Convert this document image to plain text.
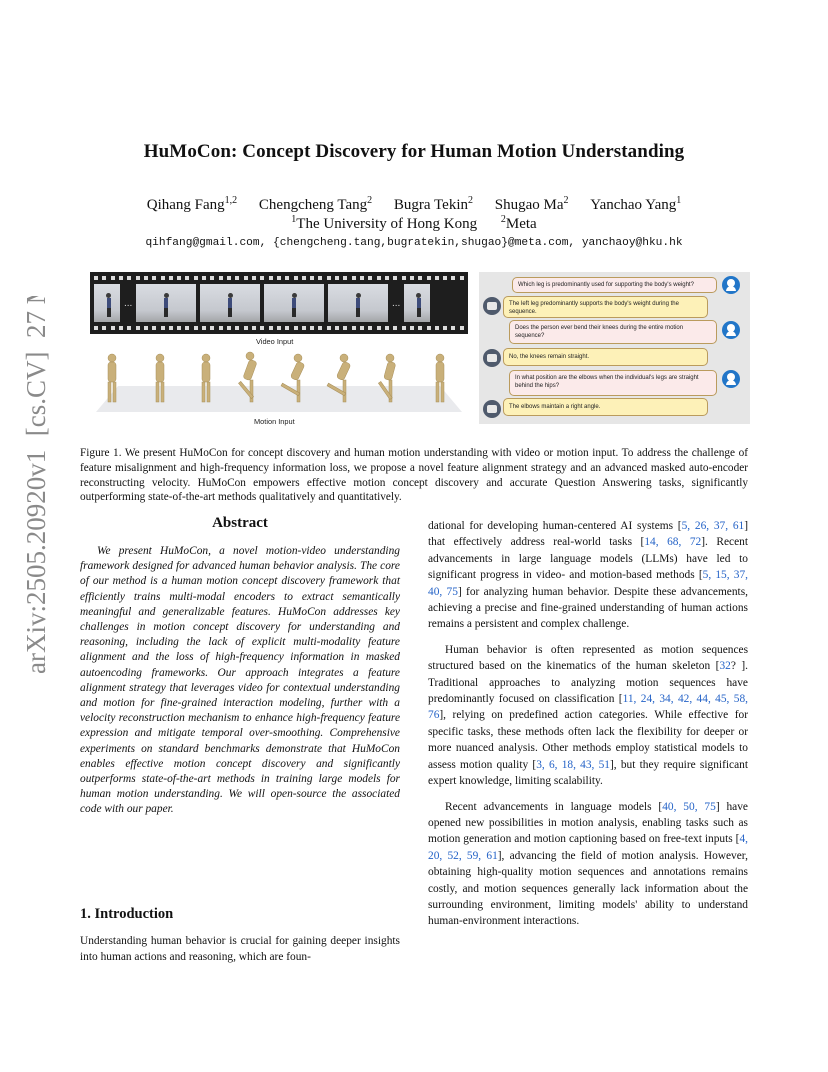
arXiv:2505.20920v1  [cs.CV]  27 May 2025
HuMoCon: Concept Discovery for Human Motion Understanding
Qihang Fang$^{1,2}$ Chengcheng Tang$^2$ Bugra Tekin$^2$ Shugao Ma$^2$ Yanchao Yang$^1$
$^1$The University of Hong Kong $^2$Meta
qihfang@gmail.com, {chengcheng.tang,bugratekin,shugao}@meta.com, yanchaoy@hku.hk
...	...
Video Input
Motion Input
Which leg is predominantly used for supporting the body's weight?
The left leg predominantly supports the body's weight during the sequence.
Does the person ever bend their knees during the entire motion sequence?
No, the knees remain straight.
In what position are the elbows when the individual's legs are straight behind the hips?
The elbows maintain a right angle.
Figure 1. We present HuMoCon for concept discovery and human motion understanding with video or motion input. To address the challenge of feature misalignment and high-frequency information loss, we propose a novel feature alignment strategy and an advanced masked auto-encoder reconstructing velocity. HuMoCon empowers effective motion concept discovery and accurate Question Answering tasks, significantly outperforming state-of-the-art methods qualitatively and quantitatively.
Abstract

We present HuMoCon, a novel motion-video understanding framework designed for advanced human behavior analysis. The core of our method is a human motion concept discovery framework that efficiently trains multi-modal encoders to extract semantically meaningful and generalizable features. HuMoCon addresses key challenges in motion concept discovery for understanding and reasoning, including the lack of explicit multi-modality feature alignment and the loss of high-frequency information in masked autoencoding frameworks. Our approach integrates a feature alignment strategy that leverages video for contextual understanding and motion for fine-grained interaction modeling, further with a velocity reconstruction mechanism to enhance high-frequency feature expression and mitigate temporal over-smoothing. Comprehensive experiments on standard benchmarks demonstrate that HuMoCon enables effective motion concept discovery and significantly outperforms state-of-the-art methods in training large models for human motion understanding. We will open-source the associated code with our paper.

1. Introduction

Understanding human behavior is crucial for gaining deeper insights into human actions and reasoning, which are foun-

dational for developing human-centered AI systems [5, 26, 37, 61] that effectively address real-world tasks [14, 68, 72]. Recent advancements in large language models (LLMs) have led to significant progress in video- and motion-based methods [5, 15, 37, 40, 75] for analyzing human behavior. Despite these advancements, achieving a precise and fine-grained understanding of human actions remains a persistent and complex challenge.

Human behavior is often represented as motion sequences structured based on the kinematics of the human skeleton [32? ]. Traditional approaches to analyzing motion sequences have predominantly focused on classification [11, 24, 34, 42, 44, 45, 58, 76], relying on predefined action categories. While effective for specific tasks, these methods often lack the flexibility for deeper or more nuanced analysis. Other methods employ statistical models to assess motion quality [3, 6, 18, 43, 51], but they require significant expert knowledge, limiting scalability.

Recent advancements in language models [40, 50, 75] have opened new possibilities in motion analysis, enabling tasks such as motion generation and motion captioning based on free-text inputs [4, 20, 52, 59, 61], advancing the field of motion analysis. However, obtaining high-quality motion sequences and annotations remains costly, and motion sequences generally lack information about the surrounding environment, limiting models' ability to understand human-environment interactions.
